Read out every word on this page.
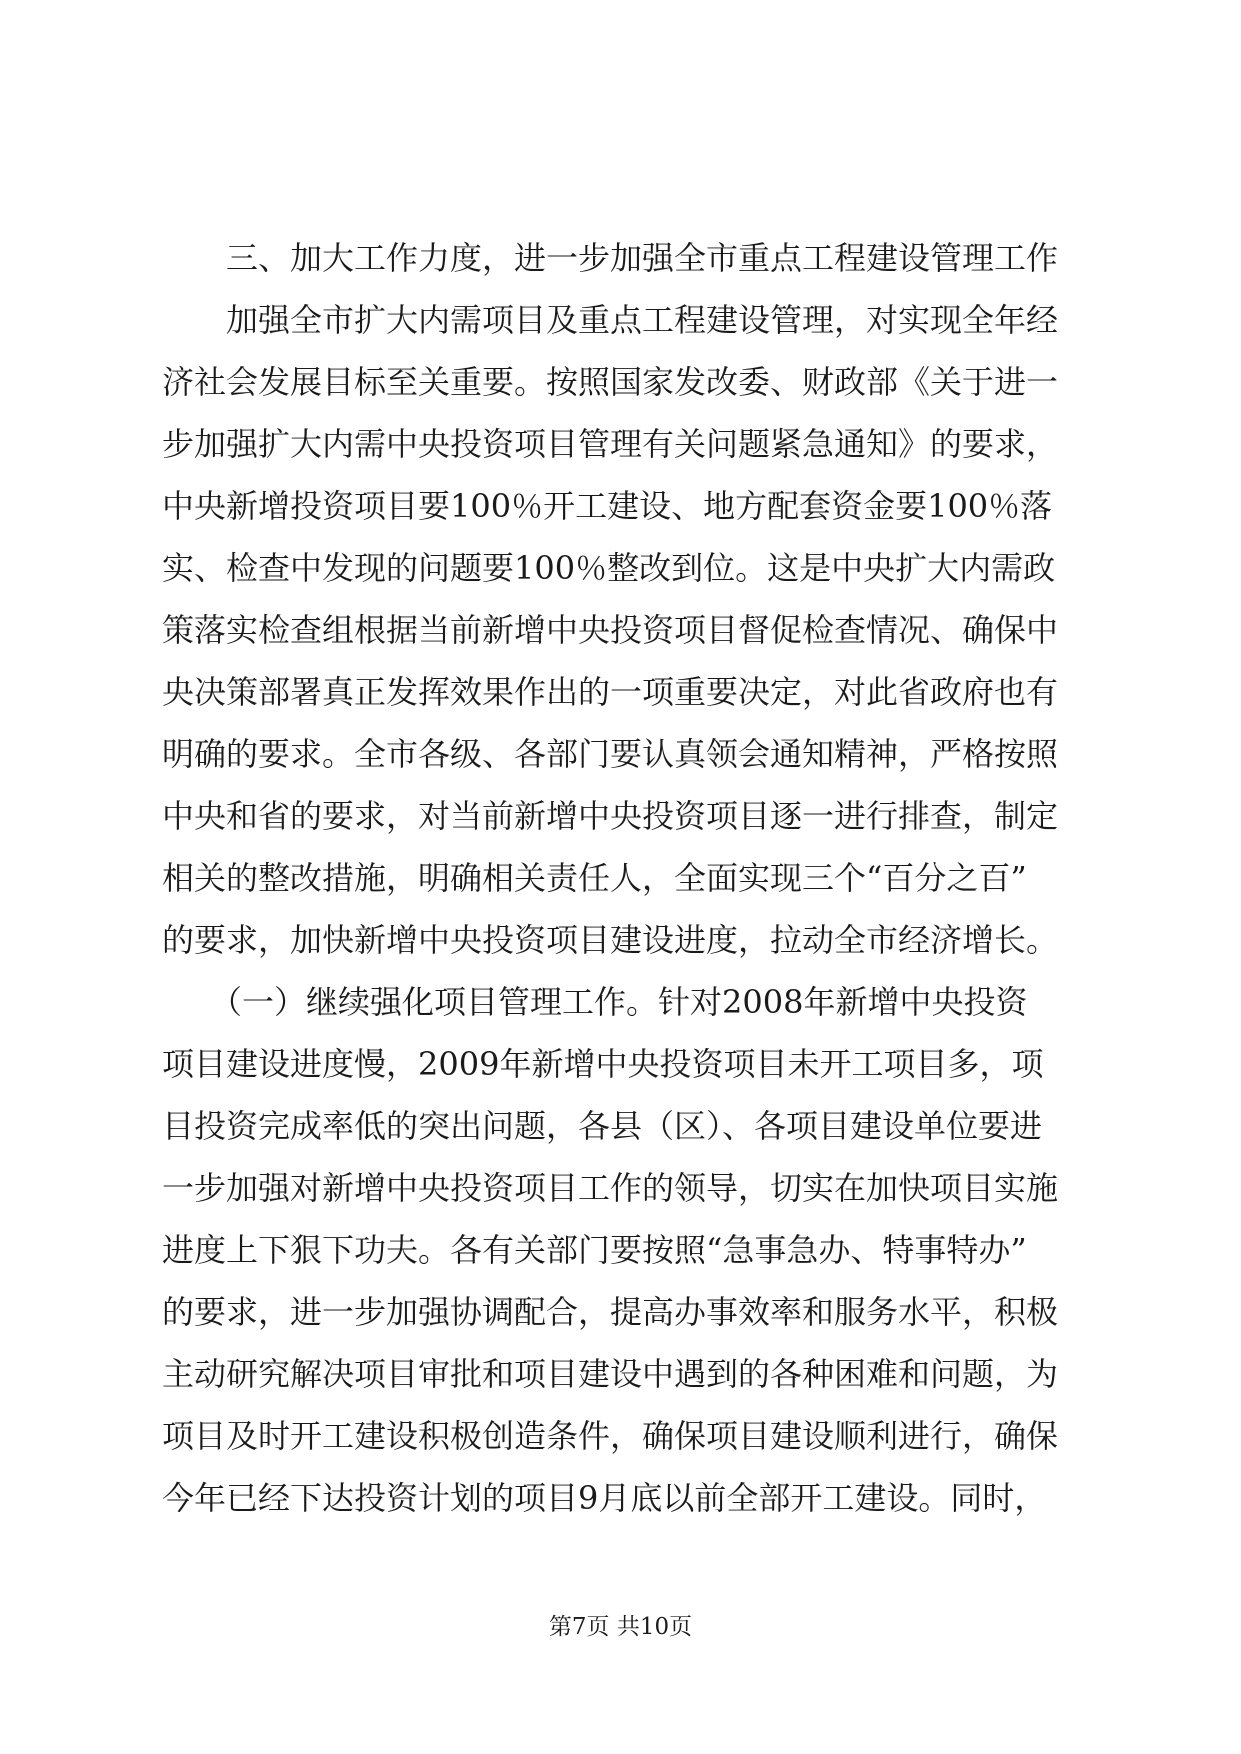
　　三、加大工作力度，进一步加强全市重点工程建设管理工作
　　加强全市扩大内需项目及重点工程建设管理，对实现全年经
济社会发展目标至关重要。按照国家发改委、财政部《关于进一
步加强扩大内需中央投资项目管理有关问题紧急通知》的要求，
中央新增投资项目要100％开工建设、地方配套资金要100％落
实、检查中发现的问题要100％整改到位。这是中央扩大内需政
策落实检查组根据当前新增中央投资项目督促检查情况、确保中
央决策部署真正发挥效果作出的一项重要决定，对此省政府也有
明确的要求。全市各级、各部门要认真领会通知精神，严格按照
中央和省的要求，对当前新增中央投资项目逐一进行排查，制定
相关的整改措施，明确相关责任人，全面实现三个“百分之百”
的要求，加快新增中央投资项目建设进度，拉动全市经济增长。
　　（一）继续强化项目管理工作。针对2008年新增中央投资
项目建设进度慢，2009年新增中央投资项目未开工项目多，项
目投资完成率低的突出问题，各县（区）、各项目建设单位要进
一步加强对新增中央投资项目工作的领导，切实在加快项目实施
进度上下狠下功夫。各有关部门要按照“急事急办、特事特办”
的要求，进一步加强协调配合，提高办事效率和服务水平，积极
主动研究解决项目审批和项目建设中遇到的各种困难和问题，为
项目及时开工建设积极创造条件，确保项目建设顺利进行，确保
今年已经下达投资计划的项目9月底以前全部开工建设。同时，
第7页 共10页
